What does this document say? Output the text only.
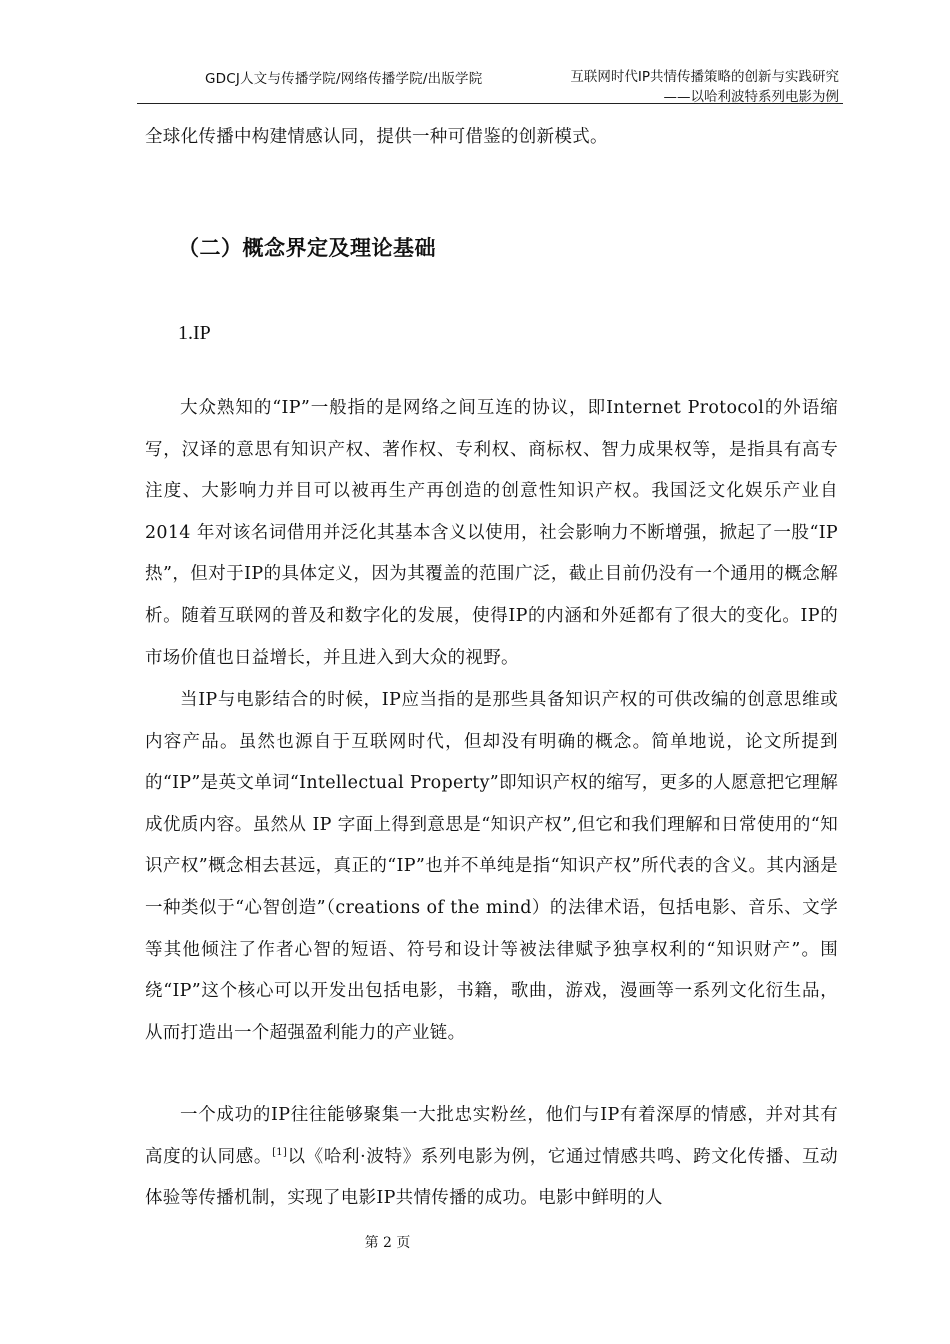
GDCJ人文与传播学院/网络传播学院/出版学院	互联网时代IP共情传播策略的创新与实践研究
——以哈利波特系列电影为例
全球化传播中构建情感认同，提供一种可借鉴的创新模式。
（二）概念界定及理论基础
1.IP
大众熟知的“IP”一般指的是网络之间互连的协议，即Internet Protocol的外语缩写，汉译的意思有知识产权、著作权、专利权、商标权、智力成果权等，是指具有高专注度、大影响力并目可以被再生产再创造的创意性知识产权。我国泛文化娱乐产业自 2014 年对该名词借用并泛化其基本含义以使用，社会影响力不断增强，掀起了一股“IP热”，但对于IP的具体定义，因为其覆盖的范围广泛，截止目前仍没有一个通用的概念解析。随着互联网的普及和数字化的发展，使得IP的内涵和外延都有了很大的变化。IP的市场价值也日益增长，并且进入到大众的视野。
当IP与电影结合的时候，IP应当指的是那些具备知识产权的可供改编的创意思维或内容产品。虽然也源自于互联网时代，但却没有明确的概念。简单地说，论文所提到的“IP”是英文单词“Intellectual Property”即知识产权的缩写，更多的人愿意把它理解成优质内容。虽然从 IP 字面上得到意思是“知识产权”,但它和我们理解和日常使用的“知识产权”概念相去甚远，真正的“IP”也并不单纯是指“知识产权”所代表的含义。其内涵是一种类似于“心智创造”（creations of the mind）的法律术语，包括电影、音乐、文学等其他倾注了作者心智的短语、符号和设计等被法律赋予独享权利的“知识财产”。围绕“IP”这个核心可以开发出包括电影，书籍，歌曲，游戏，漫画等一系列文化衍生品，从而打造出一个超强盈利能力的产业链。
一个成功的IP往往能够聚集一大批忠实粉丝，他们与IP有着深厚的情感，并对其有高度的认同感。[1]以《哈利·波特》系列电影为例，它通过情感共鸣、跨文化传播、互动体验等传播机制，实现了电影IP共情传播的成功。电影中鲜明的人
第 2 页
